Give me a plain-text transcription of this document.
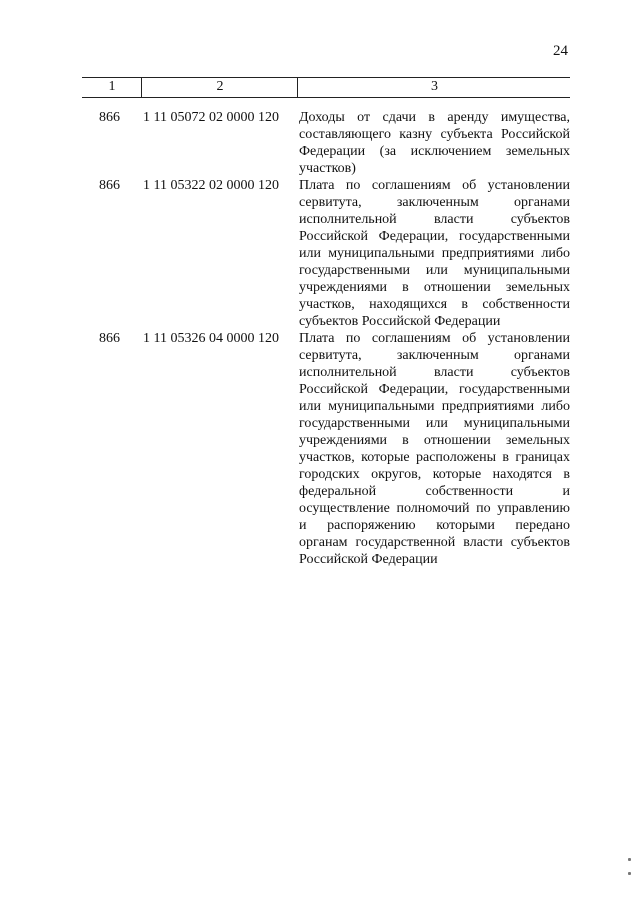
24
1	2	3
866 1 11 05072 02 0000 120 Доходы от сдачи в аренду имущества, составляющего казну субъекта Российской Федерации (за исключением земельных участков)
866 1 11 05322 02 0000 120 Плата по соглашениям об установлении сервитута, заключенным органами исполнительной власти субъектов Российской Федерации, государственными или муниципальными предприятиями либо государственными или муниципальными учреждениями в отношении земельных участков, находящихся в собственности субъектов Российской Федерации
866 1 11 05326 04 0000 120 Плата по соглашениям об установлении сервитута, заключенным органами исполнительной власти субъектов Российской Федерации, государственными или муниципальными предприятиями либо государственными или муниципальными учреждениями в отношении земельных участков, которые расположены в границах городских округов, которые находятся в федеральной собственности и осуществление полномочий по управлению и распоряжению которыми передано органам государственной власти субъектов Российской Федерации
